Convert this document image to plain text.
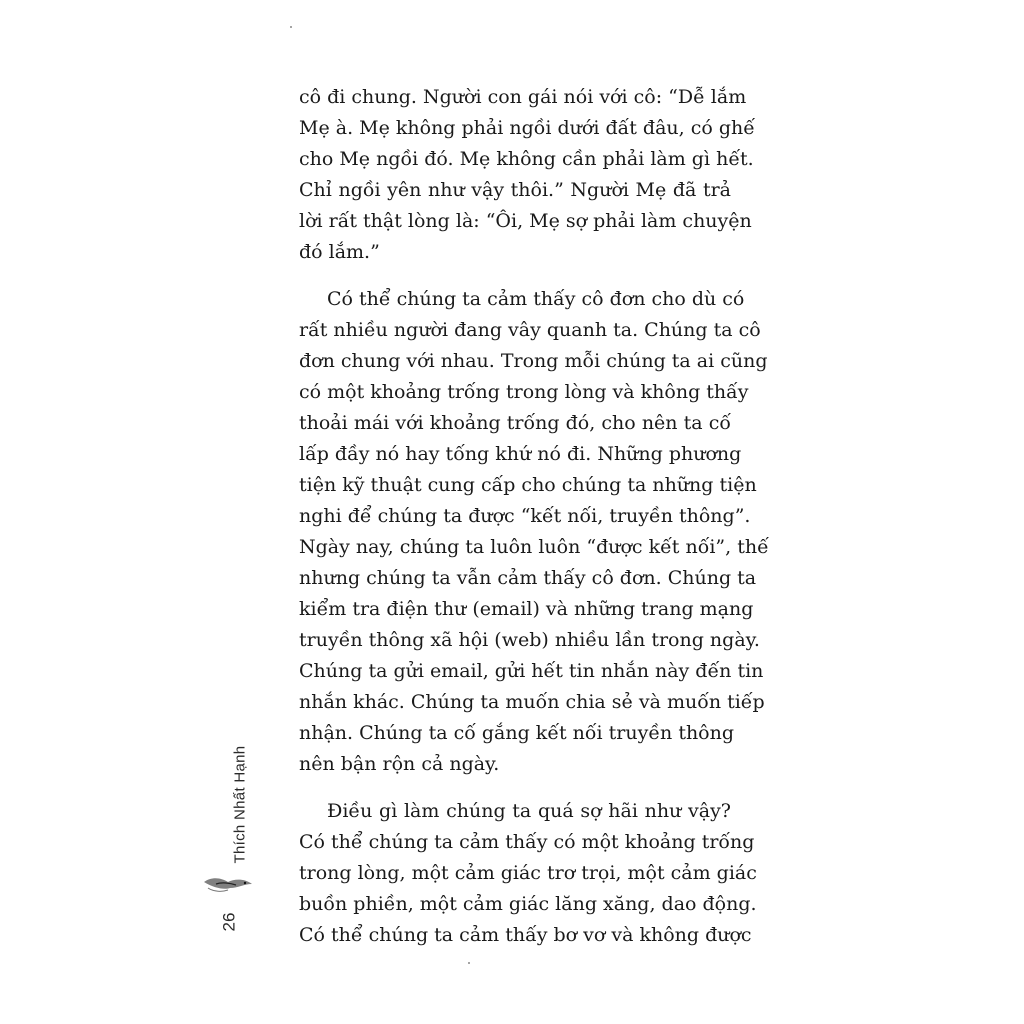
cô đi chung. Người con gái nói với cô: “Dễ lắm
Mẹ à. Mẹ không phải ngồi dưới đất đâu, có ghế
cho Mẹ ngồi đó. Mẹ không cần phải làm gì hết.
Chỉ ngồi yên như vậy thôi.” Người Mẹ đã trả
lời rất thật lòng là: “Ôi, Mẹ sợ phải làm chuyện
đó lắm.”

Có thể chúng ta cảm thấy cô đơn cho dù có
rất nhiều người đang vây quanh ta. Chúng ta cô
đơn chung với nhau. Trong mỗi chúng ta ai cũng
có một khoảng trống trong lòng và không thấy
thoải mái với khoảng trống đó, cho nên ta cố
lấp đầy nó hay tống khứ nó đi. Những phương
tiện kỹ thuật cung cấp cho chúng ta những tiện
nghi để chúng ta được “kết nối, truyền thông”.
Ngày nay, chúng ta luôn luôn “được kết nối”, thế
nhưng chúng ta vẫn cảm thấy cô đơn. Chúng ta
kiểm tra điện thư (email) và những trang mạng
truyền thông xã hội (web) nhiều lần trong ngày.
Chúng ta gửi email, gửi hết tin nhắn này đến tin
nhắn khác. Chúng ta muốn chia sẻ và muốn tiếp
nhận. Chúng ta cố gắng kết nối truyền thông
nên bận rộn cả ngày.

Điều gì làm chúng ta quá sợ hãi như vậy?
Có thể chúng ta cảm thấy có một khoảng trống
trong lòng, một cảm giác trơ trọi, một cảm giác
buồn phiền, một cảm giác lăng xăng, dao động.
Có thể chúng ta cảm thấy bơ vơ và không được

Thích Nhất Hạnh
26
